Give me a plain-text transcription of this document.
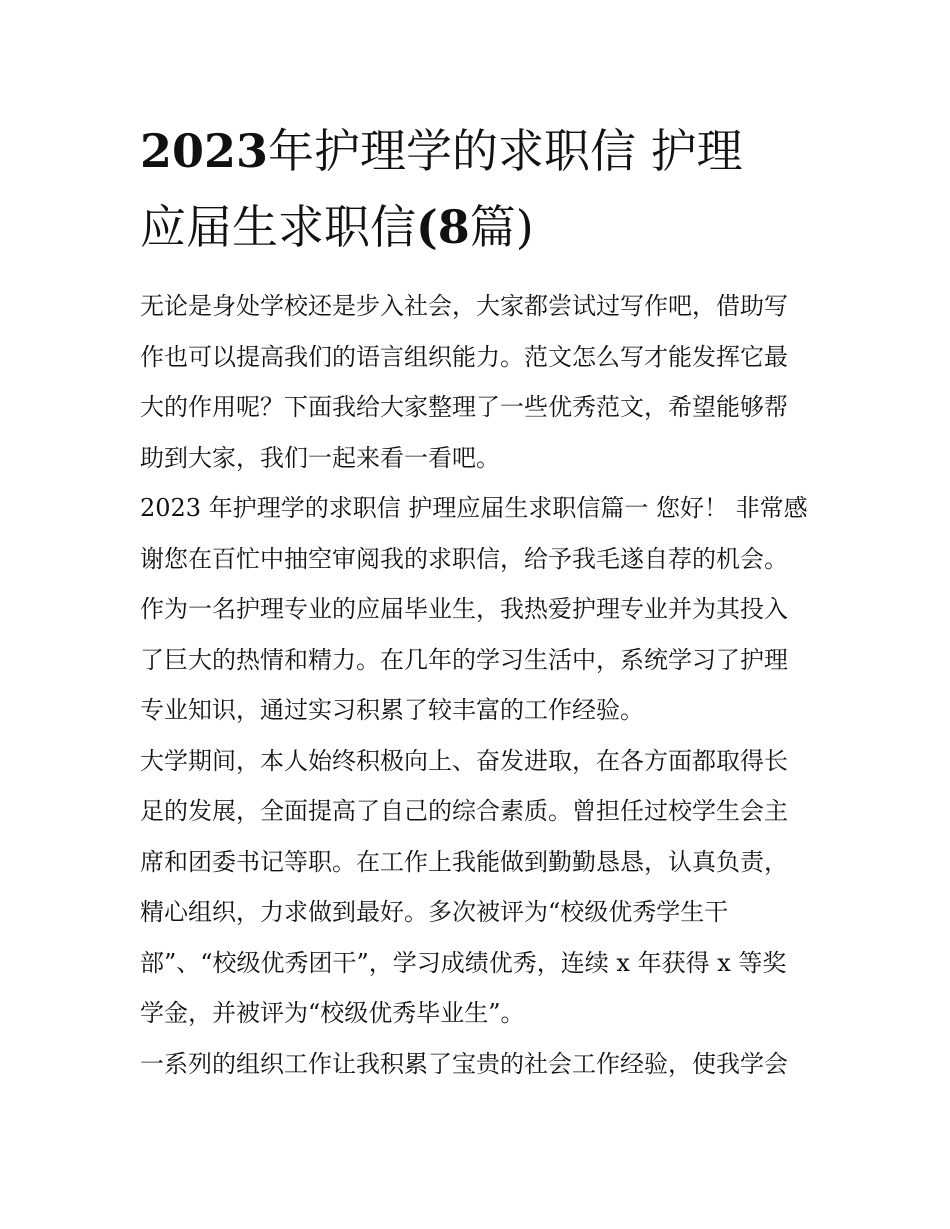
2023年护理学的求职信 护理
应届生求职信(8篇)

无论是身处学校还是步入社会，大家都尝试过写作吧，借助写
作也可以提高我们的语言组织能力。范文怎么写才能发挥它最
大的作用呢？下面我给大家整理了一些优秀范文，希望能够帮
助到大家，我们一起来看一看吧。

2023 年护理学的求职信 护理应届生求职信篇一 您好！ 非常感
谢您在百忙中抽空审阅我的求职信，给予我毛遂自荐的机会。
作为一名护理专业的应届毕业生，我热爱护理专业并为其投入
了巨大的热情和精力。在几年的学习生活中，系统学习了护理
专业知识，通过实习积累了较丰富的工作经验。

大学期间，本人始终积极向上、奋发进取，在各方面都取得长
足的发展，全面提高了自己的综合素质。曾担任过校学生会主
席和团委书记等职。在工作上我能做到勤勤恳恳，认真负责，
精心组织，力求做到最好。多次被评为“校级优秀学生干
部”、“校级优秀团干”，学习成绩优秀，连续 x 年获得 x 等奖
学金，并被评为“校级优秀毕业生”。

一系列的组织工作让我积累了宝贵的社会工作经验，使我学会
